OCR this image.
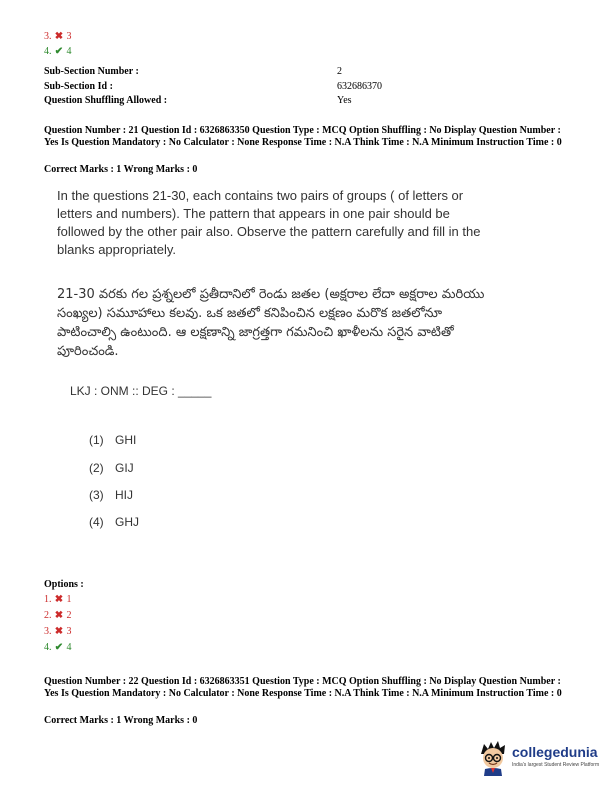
3. ✖ 3
4. ✔ 4
Sub-Section Number :	2
Sub-Section Id :	632686370
Question Shuffling Allowed :	Yes
Question Number : 21 Question Id : 6326863350 Question Type : MCQ Option Shuffling : No Display Question Number : Yes Is Question Mandatory : No Calculator : None Response Time : N.A Think Time : N.A Minimum Instruction Time : 0
Correct Marks : 1 Wrong Marks : 0
In the questions 21-30, each contains two pairs of groups ( of letters or letters and numbers). The pattern that appears in one pair should be followed by the other pair also. Observe the pattern carefully and fill in the blanks appropriately.
21-30 వరకు గల ప్రశ్నలలో ప్రతీదానిలో రెండు జతల (అక్షరాల లేదా అక్షరాల మరియు సంఖ్యల) సమూహాలు కలవు. ఒక జతలో కనిపించిన లక్షణం మరొక జతలోనూ పాటించాల్సి ఉంటుంది. ఆ లక్షణాన్ని జాగ్రత్తగా గమనించి ఖాళీలను సరైన వాటితో పూరించండి.
LKJ : ONM :: DEG : _____
(1) GHI
(2) GIJ
(3) HIJ
(4) GHJ
Options :
1. ✖ 1
2. ✖ 2
3. ✖ 3
4. ✔ 4
Question Number : 22 Question Id : 6326863351 Question Type : MCQ Option Shuffling : No Display Question Number : Yes Is Question Mandatory : No Calculator : None Response Time : N.A Think Time : N.A Minimum Instruction Time : 0
Correct Marks : 1 Wrong Marks : 0
collegedunia
India's largest Student Review Platform
